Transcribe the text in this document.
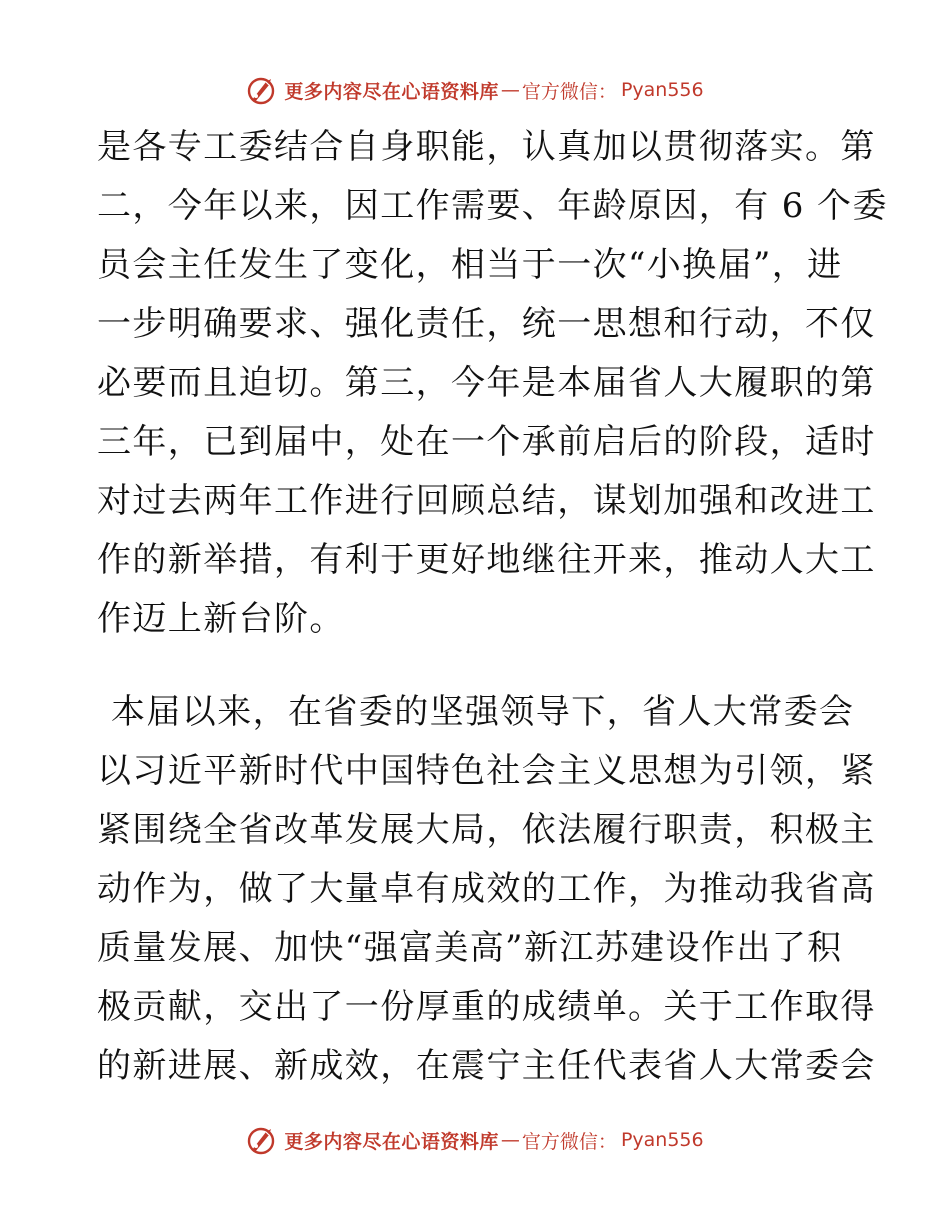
更多内容尽在心语资料库 — 官方微信： Pyan556
是各专工委结合自身职能，认真加以贯彻落实。第
二，今年以来，因工作需要、年龄原因，有 6 个委
员会主任发生了变化，相当于一次“小换届”，进
一步明确要求、强化责任，统一思想和行动，不仅
必要而且迫切。第三，今年是本届省人大履职的第
三年，已到届中，处在一个承前启后的阶段，适时
对过去两年工作进行回顾总结，谋划加强和改进工
作的新举措，有利于更好地继往开来，推动人大工
作迈上新台阶。
本届以来，在省委的坚强领导下，省人大常委会
以习近平新时代中国特色社会主义思想为引领，紧
紧围绕全省改革发展大局，依法履行职责，积极主
动作为，做了大量卓有成效的工作，为推动我省高
质量发展、加快“强富美高”新江苏建设作出了积
极贡献，交出了一份厚重的成绩单。关于工作取得
的新进展、新成效，在震宁主任代表省人大常委会
更多内容尽在心语资料库 — 官方微信： Pyan556
